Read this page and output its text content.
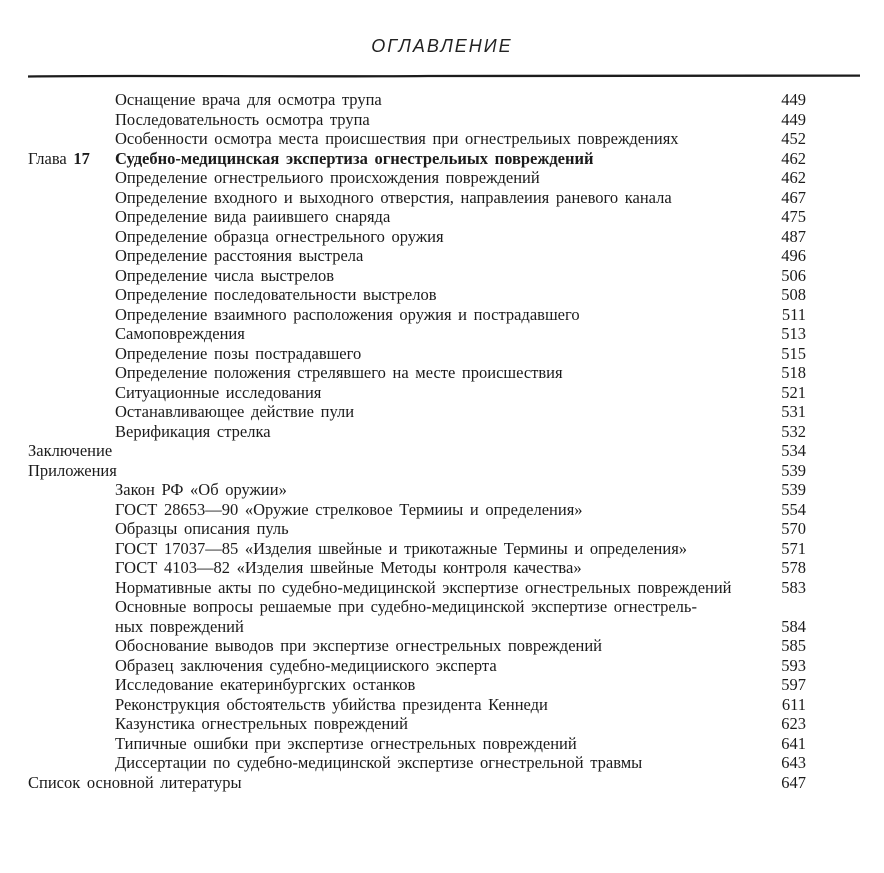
ОГЛАВЛЕНИЕ
Оснащение врача для осмотра трупа	449
Последовательность осмотра трупа	449
Особенности осмотра места происшествия при огнестрельиых повреждениях	452
Глава 17 Судебно-медицинская экспертиза огнестрельиых повреждений	462
Определение огнестрельиого происхождения повреждений	462
Определение входного и выходного отверстия, направлеиия раневого канала	467
Определение вида раиившего снаряда	475
Определение образца огнестрельного оружия	487
Определение расстояния выстрела	496
Определение числа выстрелов	506
Определение последовательности выстрелов	508
Определение взаимного расположения оружия и пострадавшего	511
Самоповреждения	513
Определение позы пострадавшего	515
Определение положения стрелявшего на месте происшествия	518
Ситуационные исследования	521
Останавливающее действие пули	531
Верификация стрелка	532
Заключение	534
Приложения	539
Закон РФ «Об оружии»	539
ГОСТ 28653—90 «Оружие стрелковое Термииы и определения»	554
Образцы описания пуль	570
ГОСТ 17037—85 «Изделия швейные и трикотажные Термины и определения»	571
ГОСТ 4103—82 «Изделия швейные Методы контроля качества»	578
Нормативные акты по судебно-медицинской экспертизе огнестрельных повреждений	583
Основные вопросы решаемые при судебно-медицинской экспертизе огнестрель-
ных повреждений	584
Обоснование выводов при экспертизе огнестрельных повреждений	585
Образец заключения судебно-медицииского эксперта	593
Исследование екатеринбургских останков	597
Реконструкция обстоятельств убийства президента Кеннеди	611
Казунстика огнестрельных повреждений	623
Типичные ошибки при экспертизе огнестрельных повреждений	641
Диссертации по судебно-медицинской экспертизе огнестрельной травмы	643
Список основной литературы	647
